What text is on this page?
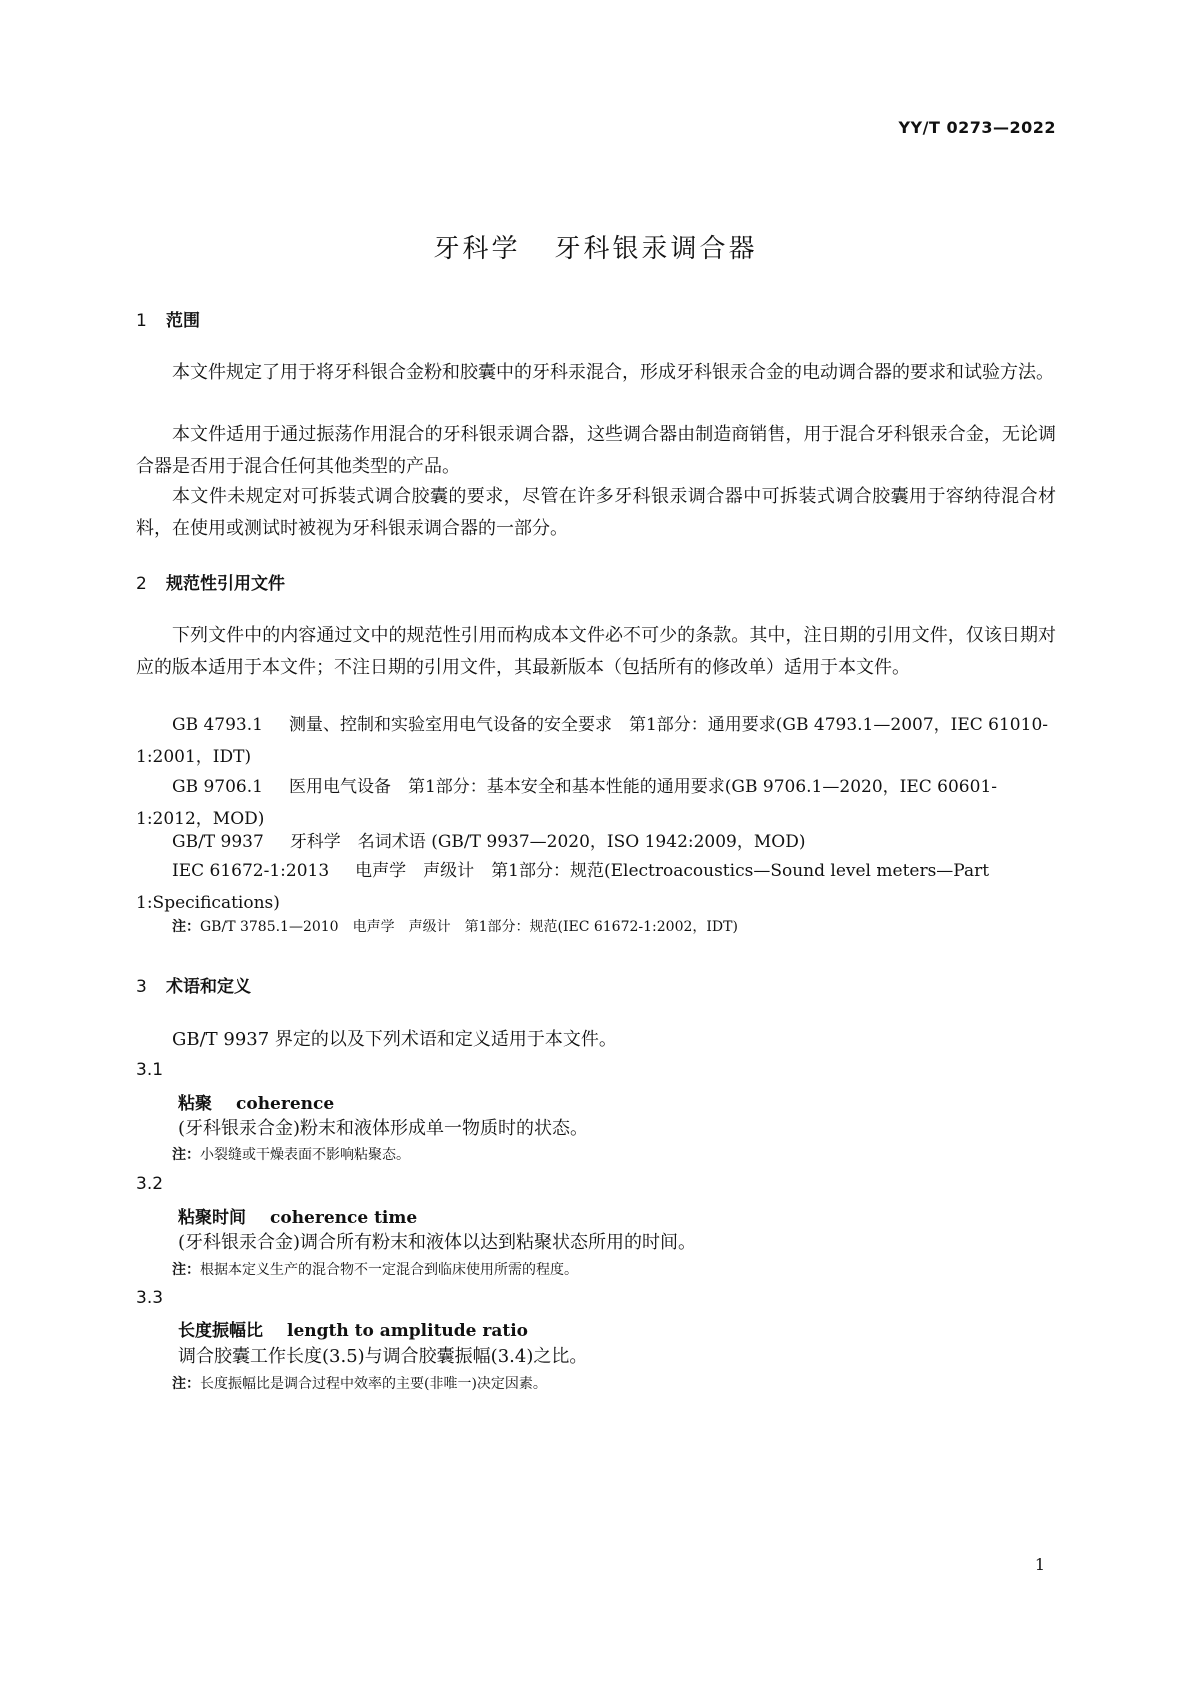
YY/T 0273—2022
牙科学 牙科银汞调合器
1 范围
本文件规定了用于将牙科银合金粉和胶囊中的牙科汞混合，形成牙科银汞合金的电动调合器的要求和试验方法。
本文件适用于通过振荡作用混合的牙科银汞调合器，这些调合器由制造商销售，用于混合牙科银汞合金，无论调合器是否用于混合任何其他类型的产品。
本文件未规定对可拆装式调合胶囊的要求，尽管在许多牙科银汞调合器中可拆装式调合胶囊用于容纳待混合材料，在使用或测试时被视为牙科银汞调合器的一部分。
2 规范性引用文件
下列文件中的内容通过文中的规范性引用而构成本文件必不可少的条款。其中，注日期的引用文件，仅该日期对应的版本适用于本文件；不注日期的引用文件，其最新版本（包括所有的修改单）适用于本文件。
GB 4793.1 测量、控制和实验室用电气设备的安全要求　第1部分：通用要求(GB 4793.1—2007，IEC 61010-1:2001，IDT)
GB 9706.1 医用电气设备　第1部分：基本安全和基本性能的通用要求(GB 9706.1—2020，IEC 60601-1:2012，MOD)
GB/T 9937 牙科学　名词术语 (GB/T 9937—2020，ISO 1942:2009，MOD)
IEC 61672-1:2013 电声学　声级计　第1部分：规范(Electroacoustics—Sound level meters—Part 1:Specifications)
注：GB/T 3785.1—2010　电声学　声级计　第1部分：规范(IEC 61672-1:2002，IDT)
3 术语和定义
GB/T 9937 界定的以及下列术语和定义适用于本文件。
3.1
粘聚 coherence
(牙科银汞合金)粉末和液体形成单一物质时的状态。
注：小裂缝或干燥表面不影响粘聚态。
3.2
粘聚时间 coherence time
(牙科银汞合金)调合所有粉末和液体以达到粘聚状态所用的时间。
注：根据本定义生产的混合物不一定混合到临床使用所需的程度。
3.3
长度振幅比 length to amplitude ratio
调合胶囊工作长度(3.5)与调合胶囊振幅(3.4)之比。
注：长度振幅比是调合过程中效率的主要(非唯一)决定因素。
1
